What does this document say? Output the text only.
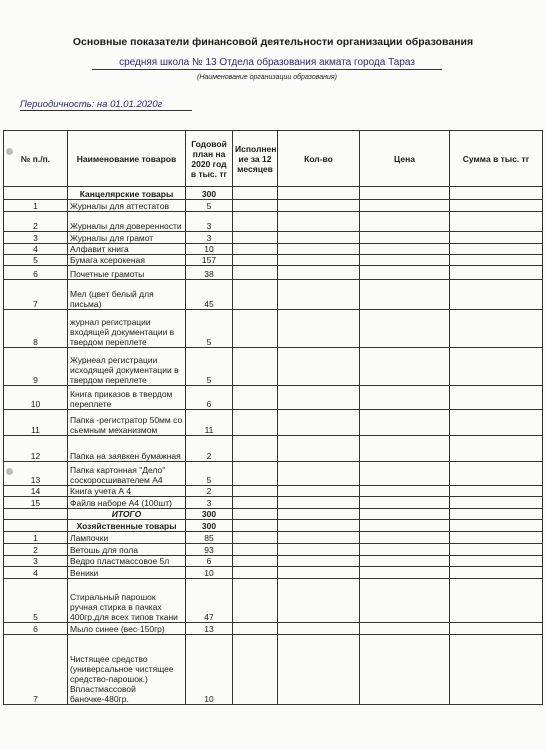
Основные показатели финансовой деятельности организации образования
средняя школа № 13 Отдела образования акмата города Тараз
(Наименование организации образования)
Периодичность: на 01.01.2020г
№ п./п.	Наименование товаров	Годовой план на 2020 год в тыс. тг	Исполнен ие за 12 месяцев	Кол-во	Цена	Сумма в тыс. тг
	Канцелярские товары	300				
1	Журналы для аттестатов	5				
2	Журналы для доверенности	3				
3	Журналы для грамот	3				
4	Алфавит книга	10				
5	Бумага ксерокеная	157				
6	Почетные грамоты	38				
7	Мел (цвет белый для письма)	45				
8	журнал регистрации входящей документации в твердом переплете	5				
9	Журнеал регистрации исходящей документации в твердом переплете	5				
10	Книга приказов в твердом переплете	6				
11	Папка -регистратор 50мм со сьемным механизмом	11				
12	Папка на заявкен бумажная	2				
13	Папка картонная "Дело" соскоросшивателем А4	5				
14	Книга учета А 4	2				
15	Файлв наборе А4 (100шт)	3				
	ИТОГО	300				
	Хозяйственные товары	300				
1	Лампочки	85				
2	Ветошь для пола	93				
3	Ведро пластмассовое 5л	6				
4	Веники	10				
5	Стиральный парошок ручная стирка в пачках 400гр.для всех типов ткани	47				
6	Мыло синее (вес-150гр)	13				
7	Чистящее средство (универсальное чистящее средство-парошок.) Впластмассовой баночке-480гр.	10				
